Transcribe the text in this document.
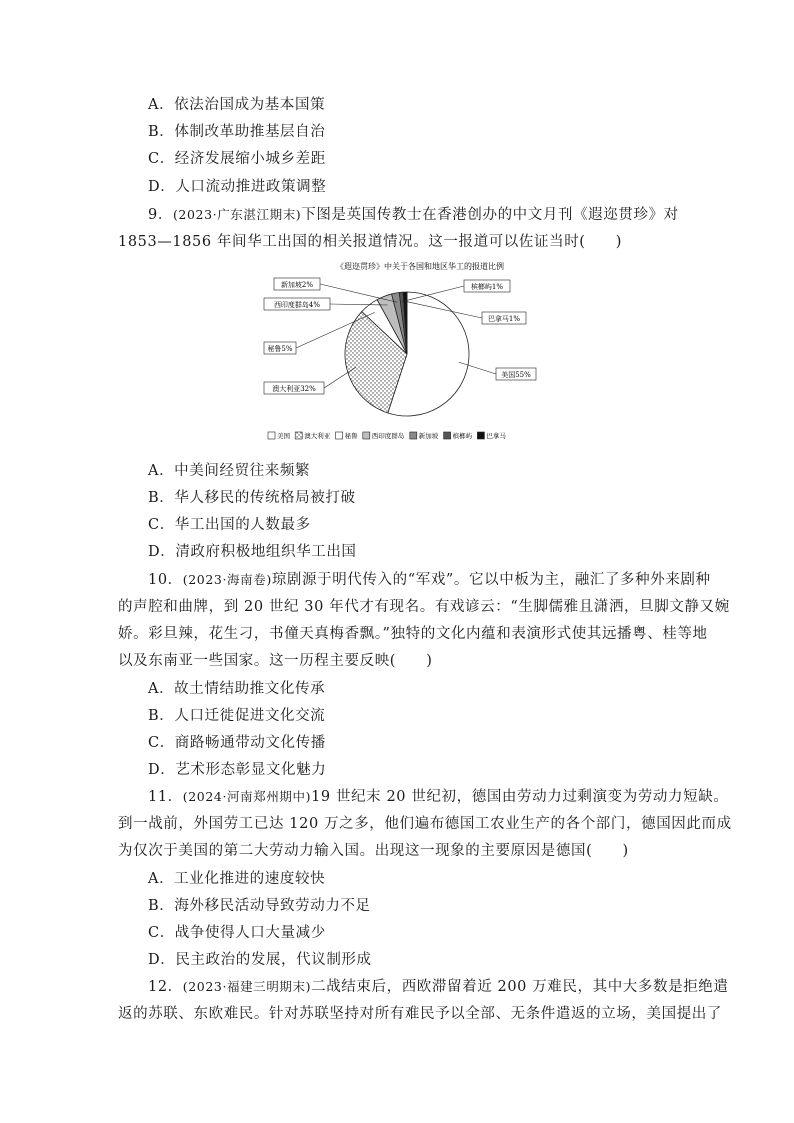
A．依法治国成为基本国策
B．体制改革助推基层自治
C．经济发展缩小城乡差距
D．人口流动推进政策调整
9．(2023·广东湛江期末)下图是英国传教士在香港创办的中文月刊《遐迩贯珍》对
1853—1856 年间华工出国的相关报道情况。这一报道可以佐证当时(　　)
《遐迩贯珍》中关于各国和地区华工的报道比例
美国55%
澳大利亚32%
秘鲁5%
西印度群岛4%
新加坡2%	槟榔屿1%
巴拿马1%
美国 澳大利亚 秘鲁 西印度群岛 新加坡 槟榔屿 巴拿马
A．中美间经贸往来频繁
B．华人移民的传统格局被打破
C．华工出国的人数最多
D．清政府积极地组织华工出国
10．(2023·海南卷)琼剧源于明代传入的“军戏”。它以中板为主，融汇了多种外来剧种
的声腔和曲牌，到 20 世纪 30 年代才有现名。有戏谚云：“生脚儒雅且潇洒，旦脚文静又婉
娇。彩旦辣，花生刁，书僮天真梅香飘。”独特的文化内蕴和表演形式使其远播粤、桂等地
以及东南亚一些国家。这一历程主要反映(　　)
A．故土情结助推文化传承
B．人口迁徙促进文化交流
C．商路畅通带动文化传播
D．艺术形态彰显文化魅力
11．(2024·河南郑州期中)19 世纪末 20 世纪初，德国由劳动力过剩演变为劳动力短缺。
到一战前，外国劳工已达 120 万之多，他们遍布德国工农业生产的各个部门，德国因此而成
为仅次于美国的第二大劳动力输入国。出现这一现象的主要原因是德国(　　)
A．工业化推进的速度较快
B．海外移民活动导致劳动力不足
C．战争使得人口大量减少
D．民主政治的发展，代议制形成
12．(2023·福建三明期末)二战结束后，西欧滞留着近 200 万难民，其中大多数是拒绝遣
返的苏联、东欧难民。针对苏联坚持对所有难民予以全部、无条件遣返的立场，美国提出了
